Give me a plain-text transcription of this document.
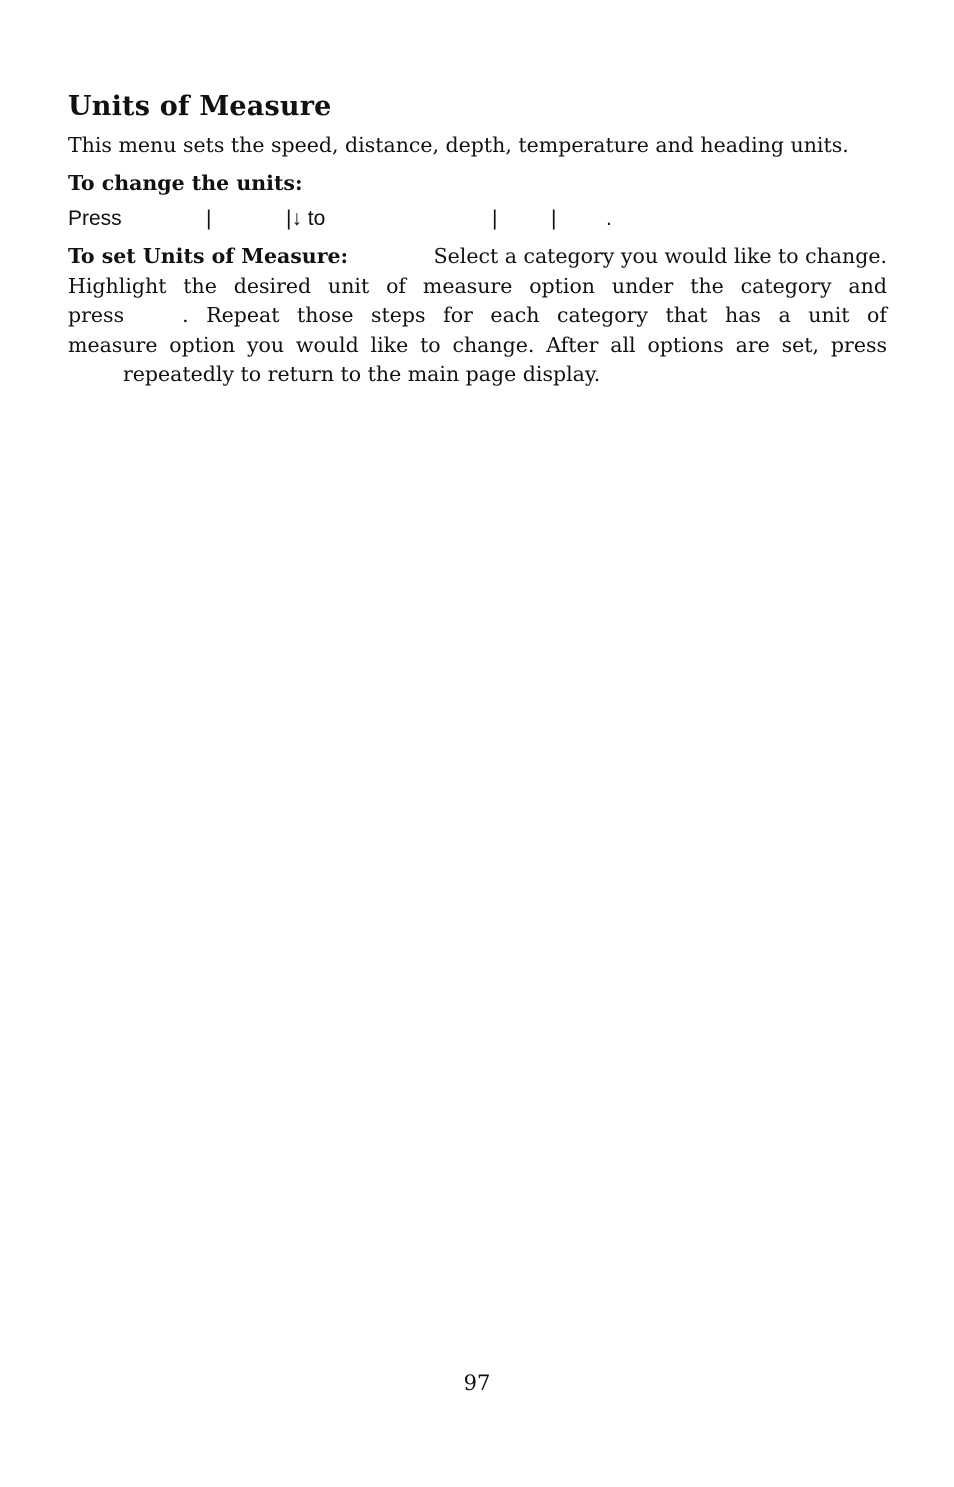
Units of Measure

This menu sets the speed, distance, depth, temperature and heading units.

To change the units:

Press	|	|↓ to	|	| .
To set Units of Measure:	Select a category you would like to change.
Highlight the desired unit of measure option under the category and
press	. Repeat those steps for each category that has a unit of
measure option you would like to change. After all options are set, press
repeatedly to return to the main page display.
97
